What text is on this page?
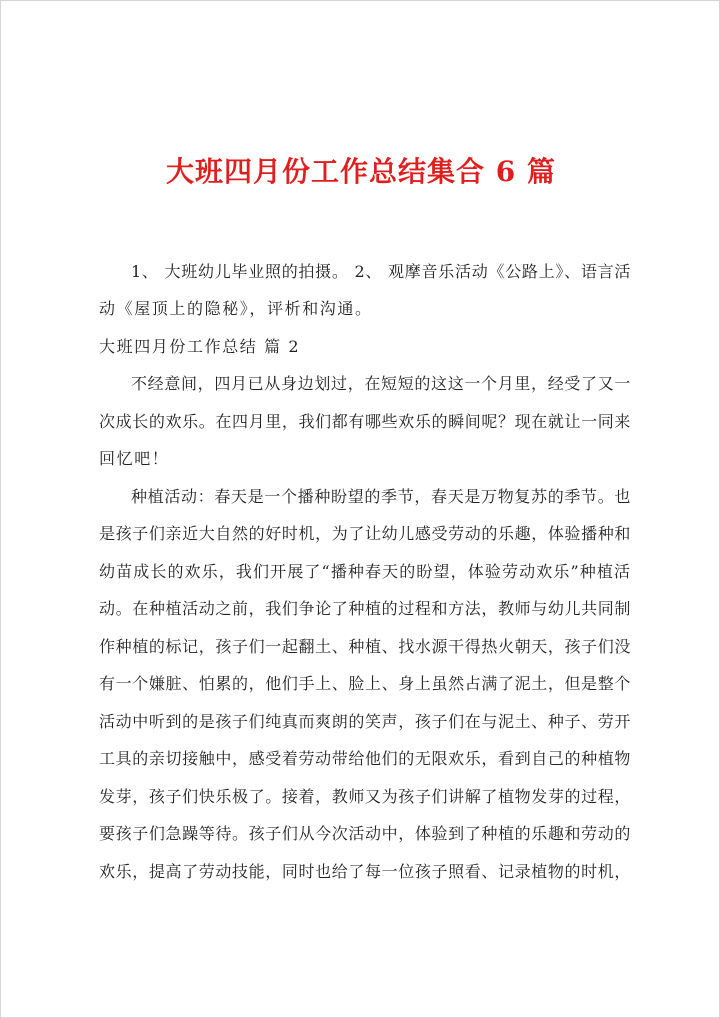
大班四月份工作总结集合 6 篇
1、 大班幼儿毕业照的拍摄。 2、 观摩音乐活动《公路上》、语言活
动《屋顶上的隐秘》，评析和沟通。
大班四月份工作总结 篇 2
不经意间，四月已从身边划过，在短短的这这一个月里，经受了又一
次成长的欢乐。在四月里，我们都有哪些欢乐的瞬间呢？现在就让一同来
回忆吧！
种植活动：春天是一个播种盼望的季节，春天是万物复苏的季节。也
是孩子们亲近大自然的好时机，为了让幼儿感受劳动的乐趣，体验播种和
幼苗成长的欢乐，我们开展了“播种春天的盼望，体验劳动欢乐”种植活
动。在种植活动之前，我们争论了种植的过程和方法，教师与幼儿共同制
作种植的标记，孩子们一起翻土、种植、找水源干得热火朝天，孩子们没
有一个嫌脏、怕累的，他们手上、脸上、身上虽然占满了泥土，但是整个
活动中听到的是孩子们纯真而爽朗的笑声，孩子们在与泥土、种子、劳开
工具的亲切接触中，感受着劳动带给他们的无限欢乐，看到自己的种植物
发芽，孩子们快乐极了。接着，教师又为孩子们讲解了植物发芽的过程，
要孩子们急躁等待。孩子们从今次活动中，体验到了种植的乐趣和劳动的
欢乐，提高了劳动技能，同时也给了每一位孩子照看、记录植物的时机，
